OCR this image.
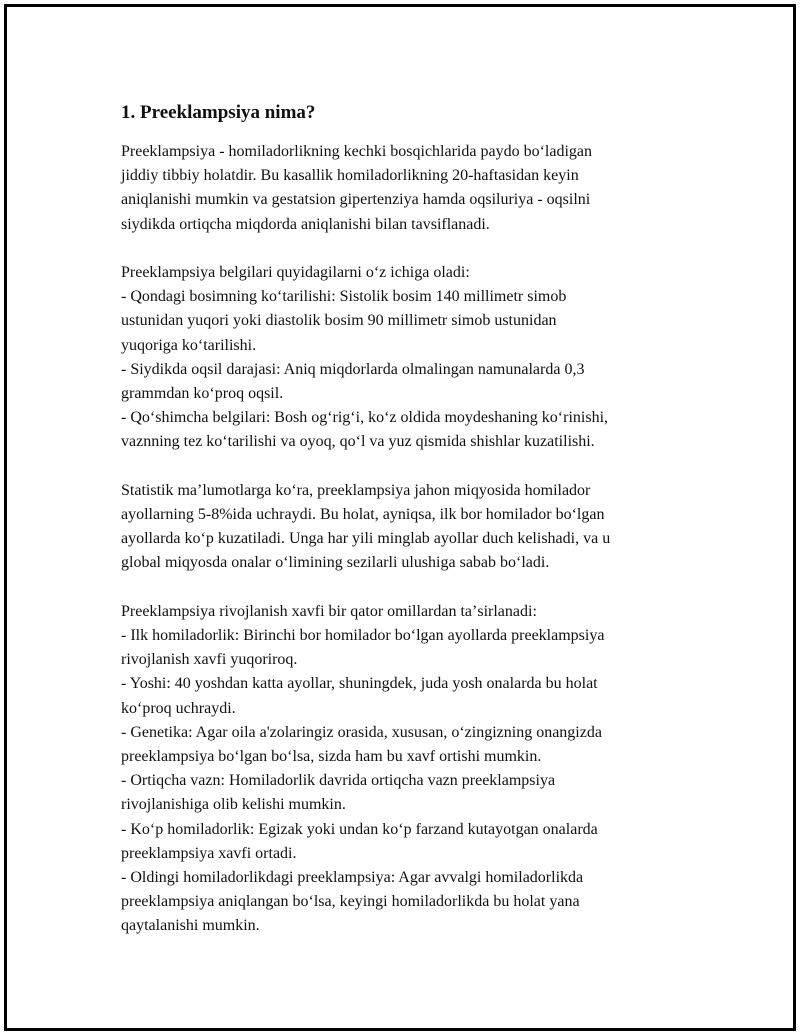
1. Preeklampsiya nima?
Preeklampsiya - homiladorlikning kechki bosqichlarida paydo boʻladigan
jiddiy tibbiy holatdir. Bu kasallik homiladorlikning 20-haftasidan keyin
aniqlanishi mumkin va gestatsion gipertenziya hamda oqsiluriya - oqsilni
siydikda ortiqcha miqdorda aniqlanishi bilan tavsiflanadi.
Preeklampsiya belgilari quyidagilarni oʻz ichiga oladi:
- Qondagi bosimning koʻtarilishi: Sistolik bosim 140 millimetr simob
ustunidan yuqori yoki diastolik bosim 90 millimetr simob ustunidan
yuqoriga koʻtarilishi.
- Siydikda oqsil darajasi: Aniq miqdorlarda olmalingan namunalarda 0,3
grammdan koʻproq oqsil.
- Qoʻshimcha belgilari: Bosh ogʻrigʻi, koʻz oldida moydeshaning koʻrinishi,
vaznning tez koʻtarilishi va oyoq, qoʻl va yuz qismida shishlar kuzatilishi.
Statistik maʼlumotlarga koʻra, preeklampsiya jahon miqyosida homilador
ayollarning 5-8%ida uchraydi. Bu holat, ayniqsa, ilk bor homilador boʻlgan
ayollarda koʻp kuzatiladi. Unga har yili minglab ayollar duch kelishadi, va u
global miqyosda onalar oʻlimining sezilarli ulushiga sabab boʻladi.
Preeklampsiya rivojlanish xavfi bir qator omillardan taʼsirlanadi:
- Ilk homiladorlik: Birinchi bor homilador boʻlgan ayollarda preeklampsiya
rivojlanish xavfi yuqoriroq.
- Yoshi: 40 yoshdan katta ayollar, shuningdek, juda yosh onalarda bu holat
koʻproq uchraydi.
- Genetika: Agar oila a'zolaringiz orasida, xususan, oʻzingizning onangizda
preeklampsiya boʻlgan boʻlsa, sizda ham bu xavf ortishi mumkin.
- Ortiqcha vazn: Homiladorlik davrida ortiqcha vazn preeklampsiya
rivojlanishiga olib kelishi mumkin.
- Koʻp homiladorlik: Egizak yoki undan koʻp farzand kutayotgan onalarda
preeklampsiya xavfi ortadi.
- Oldingi homiladorlikdagi preeklampsiya: Agar avvalgi homiladorlikda
preeklampsiya aniqlangan boʻlsa, keyingi homiladorlikda bu holat yana
qaytalanishi mumkin.
